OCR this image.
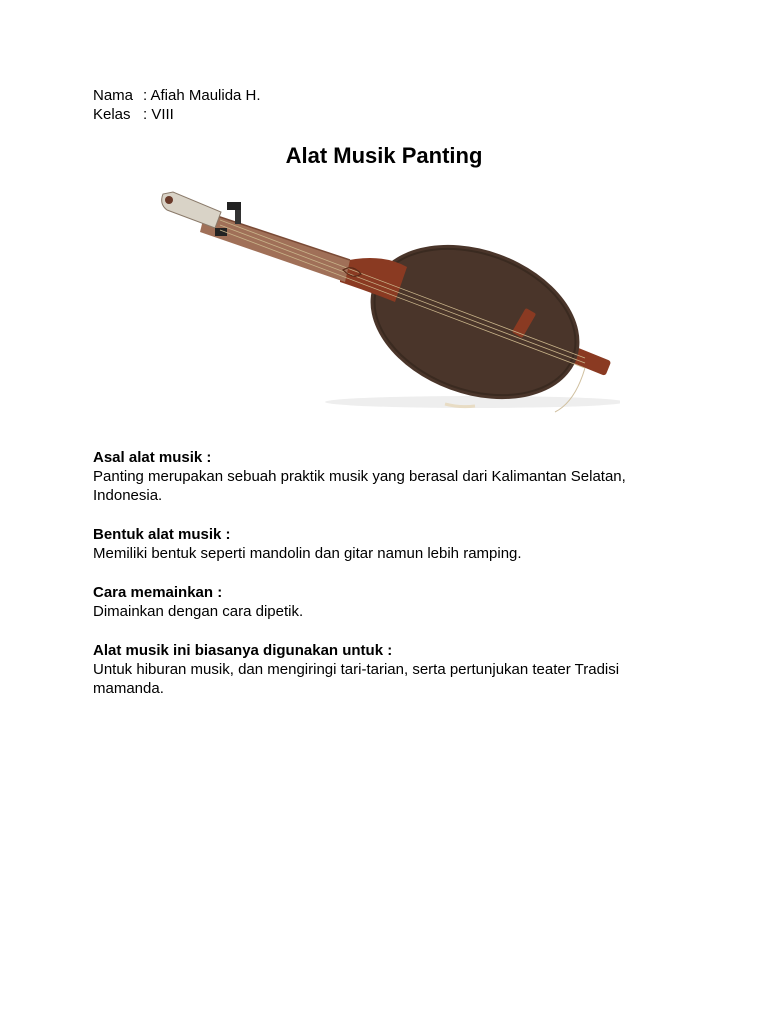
Nama : Afiah Maulida H.
Kelas : VIII
Alat Musik Panting
Asal alat musik :

Panting merupakan sebuah praktik musik yang berasal dari Kalimantan Selatan, Indonesia.

Bentuk alat musik :

Memiliki bentuk seperti mandolin dan gitar namun lebih ramping.

Cara memainkan :

Dimainkan dengan cara dipetik.

Alat musik ini biasanya digunakan untuk :

Untuk hiburan musik, dan mengiringi tari-tarian, serta pertunjukan teater Tradisi mamanda.
